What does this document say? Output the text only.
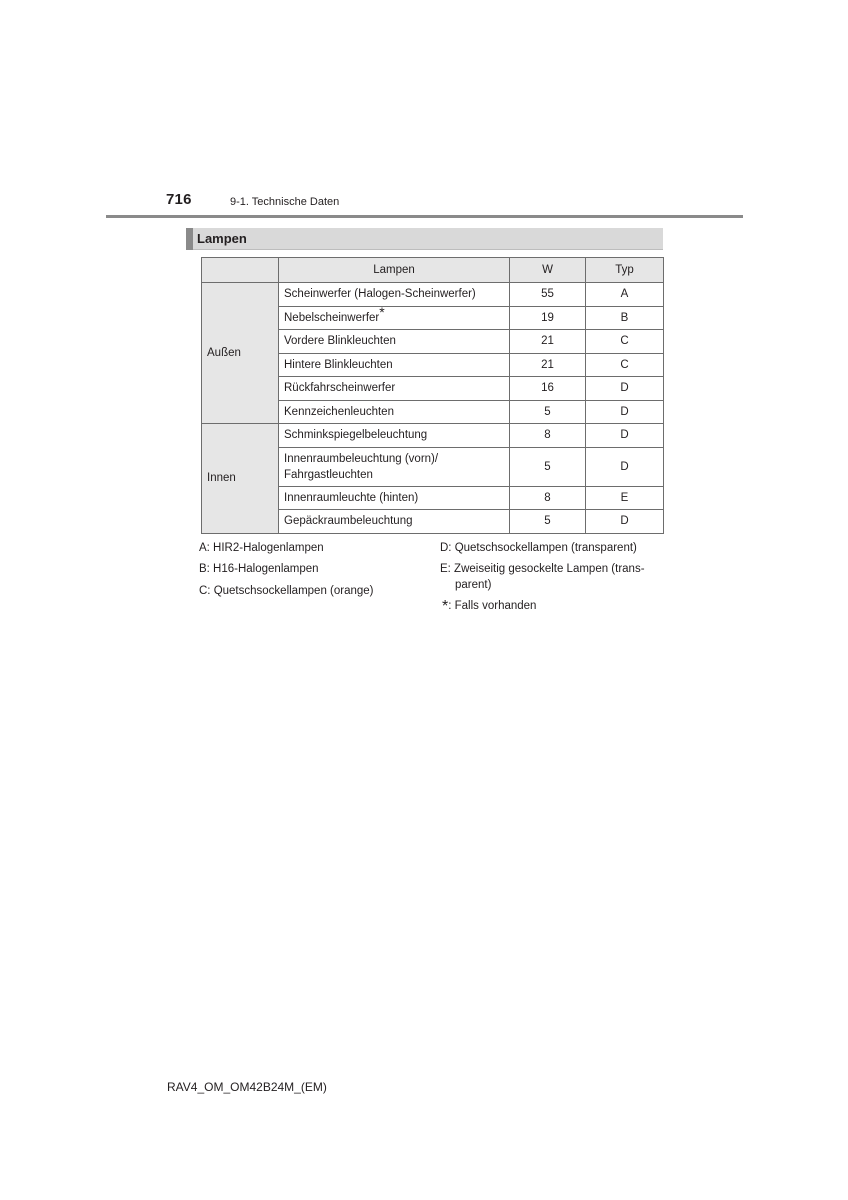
716	9-1. Technische Daten
Lampen
	Lampen	W	Typ
Außen	Scheinwerfer (Halogen-Scheinwerfer)	55	A
	Nebelscheinwerfer*	19	B
	Vordere Blinkleuchten	21	C
	Hintere Blinkleuchten	21	C
	Rückfahrscheinwerfer	16	D
	Kennzeichenleuchten	5	D
Innen	Schminkspiegelbeleuchtung	8	D
	Innenraumbeleuchtung (vorn)/
Fahrgastleuchten	5	D
	Innenraumleuchte (hinten)	8	E
	Gepäckraumbeleuchtung	5	D
A: HIR2-Halogenlampen
B: H16-Halogenlampen
C: Quetschsockellampen (orange)
D: Quetschsockellampen (transparent)
E: Zweiseitig gesockelte Lampen (trans-
parent)
*: Falls vorhanden
RAV4_OM_OM42B24M_(EM)
